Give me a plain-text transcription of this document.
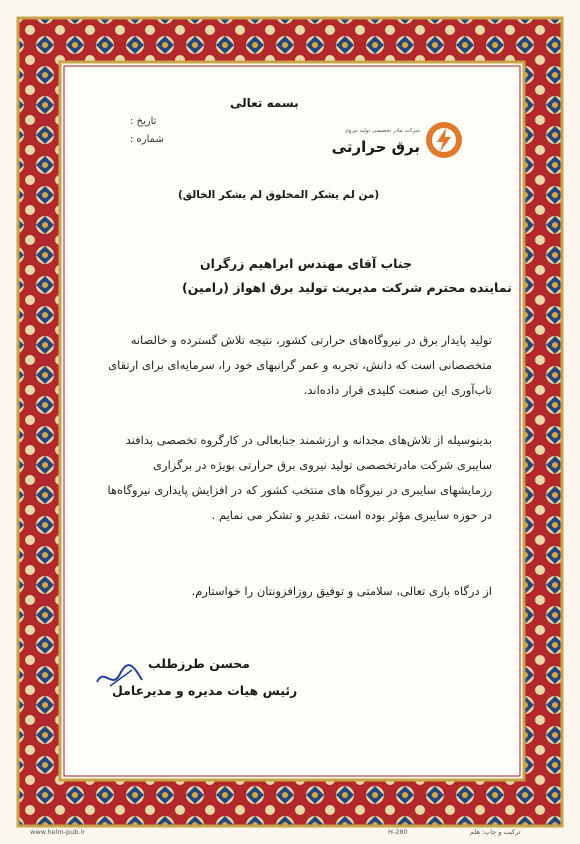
بسمه تعالی
تاریخ :
شماره :
شرکت مادر تخصصی تولید نیروی
برق حرارتی
(من لم یشکر المخلوق لم یشکر الخالق)
جناب آقای مهندس ابراهیم زرگران
نماینده محترم شرکت مدیریت تولید برق اهواز (رامین)
تولید پایدار برق در نیروگاه‌های حرارتی کشور، نتیجه تلاش گسترده و خالصانه
متخصصانی است که دانش، تجربه و عمر گرانبهای خود را، سرمایه‌ای برای ارتقای
تاب‌آوری این صنعت کلیدی قرار داده‌اند.
بدینوسیله از تلاش‌های مجدانه و ارزشمند جنابعالی در کارگروه تخصصی پدافند
سایبری شرکت مادرتخصصی تولید نیروی برق حرارتی بویژه در برگزاری
رزمایشهای سایبری در نیروگاه های منتخب کشور که در افزایش پایداری نیروگاه‌ها
در حوزه سایبری مؤثر بوده است، تقدیر و تشکر می نمایم .
از درگاه باری تعالی، سلامتی و توفیق روزافزونتان را خواستارم.
محسن طرزطلب
رئیس هیات مدیره و مدیرعامل
www.helm-pub.ir	H-280	ترکیب و چاپ: هلم
